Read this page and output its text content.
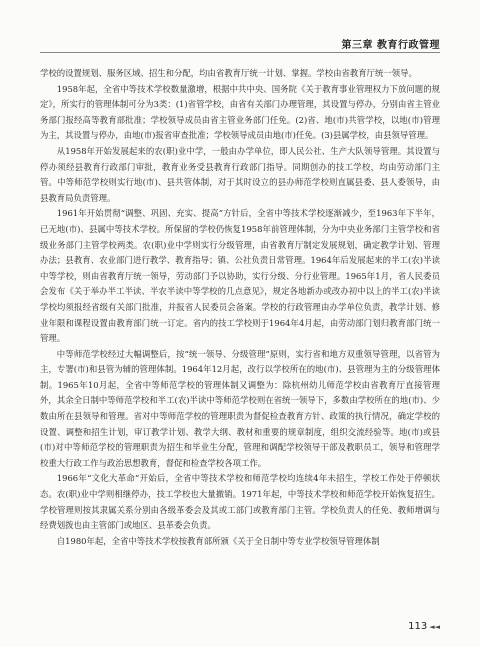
第三章 教育行政管理

学校的设置规划、服务区域、招生和分配，均由省教育厅统一计划、掌握。学校由省教育厅统一领导。

1958年起，全省中等技术学校数量激增，根据中共中央、国务院《关于教育事业管理权力下放问题的规定》，所实行的管理体制可分为3类：(1)省管学校，由省有关部门办理管理，其设置与停办，分别由省主管业务部门报经高等教育部批准；学校领导成员由省主管业务部门任免。(2)省、地(市)共管学校，以地(市)管理为主，其设置与停办，由地(市)报省审查批准；学校领导成员由地(市)任免。(3)县属学校，由县领导管理。

从1958年开始发展起来的农(职)业中学，一般由办学单位，即人民公社、生产大队领导管理。其设置与停办须经县教育行政部门审批，教育业务受县教育行政部门指导。同期创办的技工学校，均由劳动部门主管。中等师范学校则实行地(市)、县共管体制，对于其时设立的县办师范学校则直属县委、县人委领导，由县教育局负责管理。

1961年开始贯彻“调整、巩固、充实、提高”方针后，全省中等技术学校逐渐减少，至1963年下半年，已无地(市)、县属中等技术学校。所保留的学校仍恢复1958年前管理体制，分为中央业务部门主管学校和省级业务部门主管学校两类。农(职)业中学则实行分级管理，由省教育厅制定发展规划，确定教学计划、管理办法；县教育、农业部门进行教学、教育指导；镇、公社负责日常管理。1964年后发展起来的半工(农)半读中等学校，则由省教育厅统一领导，劳动部门予以协助，实行分级、分行业管理。1965年1月，省人民委员会发布《关于举办半工半读、半农半读中等学校的几点意见》，规定各地新办或改办初中以上的半工(农)半读学校均须报经省级有关部门批准，并报省人民委员会备案。学校的行政管理由办学单位负责，教学计划、修业年限和课程设置由教育部门统一订定。省内的技工学校则于1964年4月起，由劳动部门划归教育部门统一管理。

中等师范学校经过大幅调整后，按“统一领导、分级管理”原则，实行省和地方双重领导管理，以省管为主，专署(市)和县管为辅的管理体制。1964年12月起，改行以学校所在的地(市)、县管理为主的分级管理体制。1965年10月起，全省中等师范学校的管理体制又调整为：除杭州幼儿师范学校由省教育厅直接管理外，其余全日制中等师范学校和半工(农)半读中等师范学校则在省统一领导下，多数由学校所在的地(市)、少数由所在县领导和管理。省对中等师范学校的管理职责为督促检查教育方针、政策的执行情况，确定学校的设置、调整和招生计划，审订教学计划、教学大纲、教材和重要的规章制度，组织交流经验等。地(市)或县(市)对中等师范学校的管理职责为招生和毕业生分配，管理和调配学校领导干部及教职员工，领导和管理学校重大行政工作与政治思想教育，督促和检查学校各项工作。

1966年“文化大革命”开始后，全省中等技术学校和师范学校均连续4年未招生，学校工作处于停顿状态。农(职)业中学则相继停办，技工学校也大量撤销。1971年起，中等技术学校和师范学校开始恢复招生。学校管理则按其隶属关系分别由各级革委会及其或工部门或教育部门主管。学校负责人的任免、教师增调与经费划拨也由主管部门或地区、县革委会负责。

自1980年起，全省中等技术学校按教育部所颁《关于全日制中等专业学校领导管理体制

113 ◄◄
